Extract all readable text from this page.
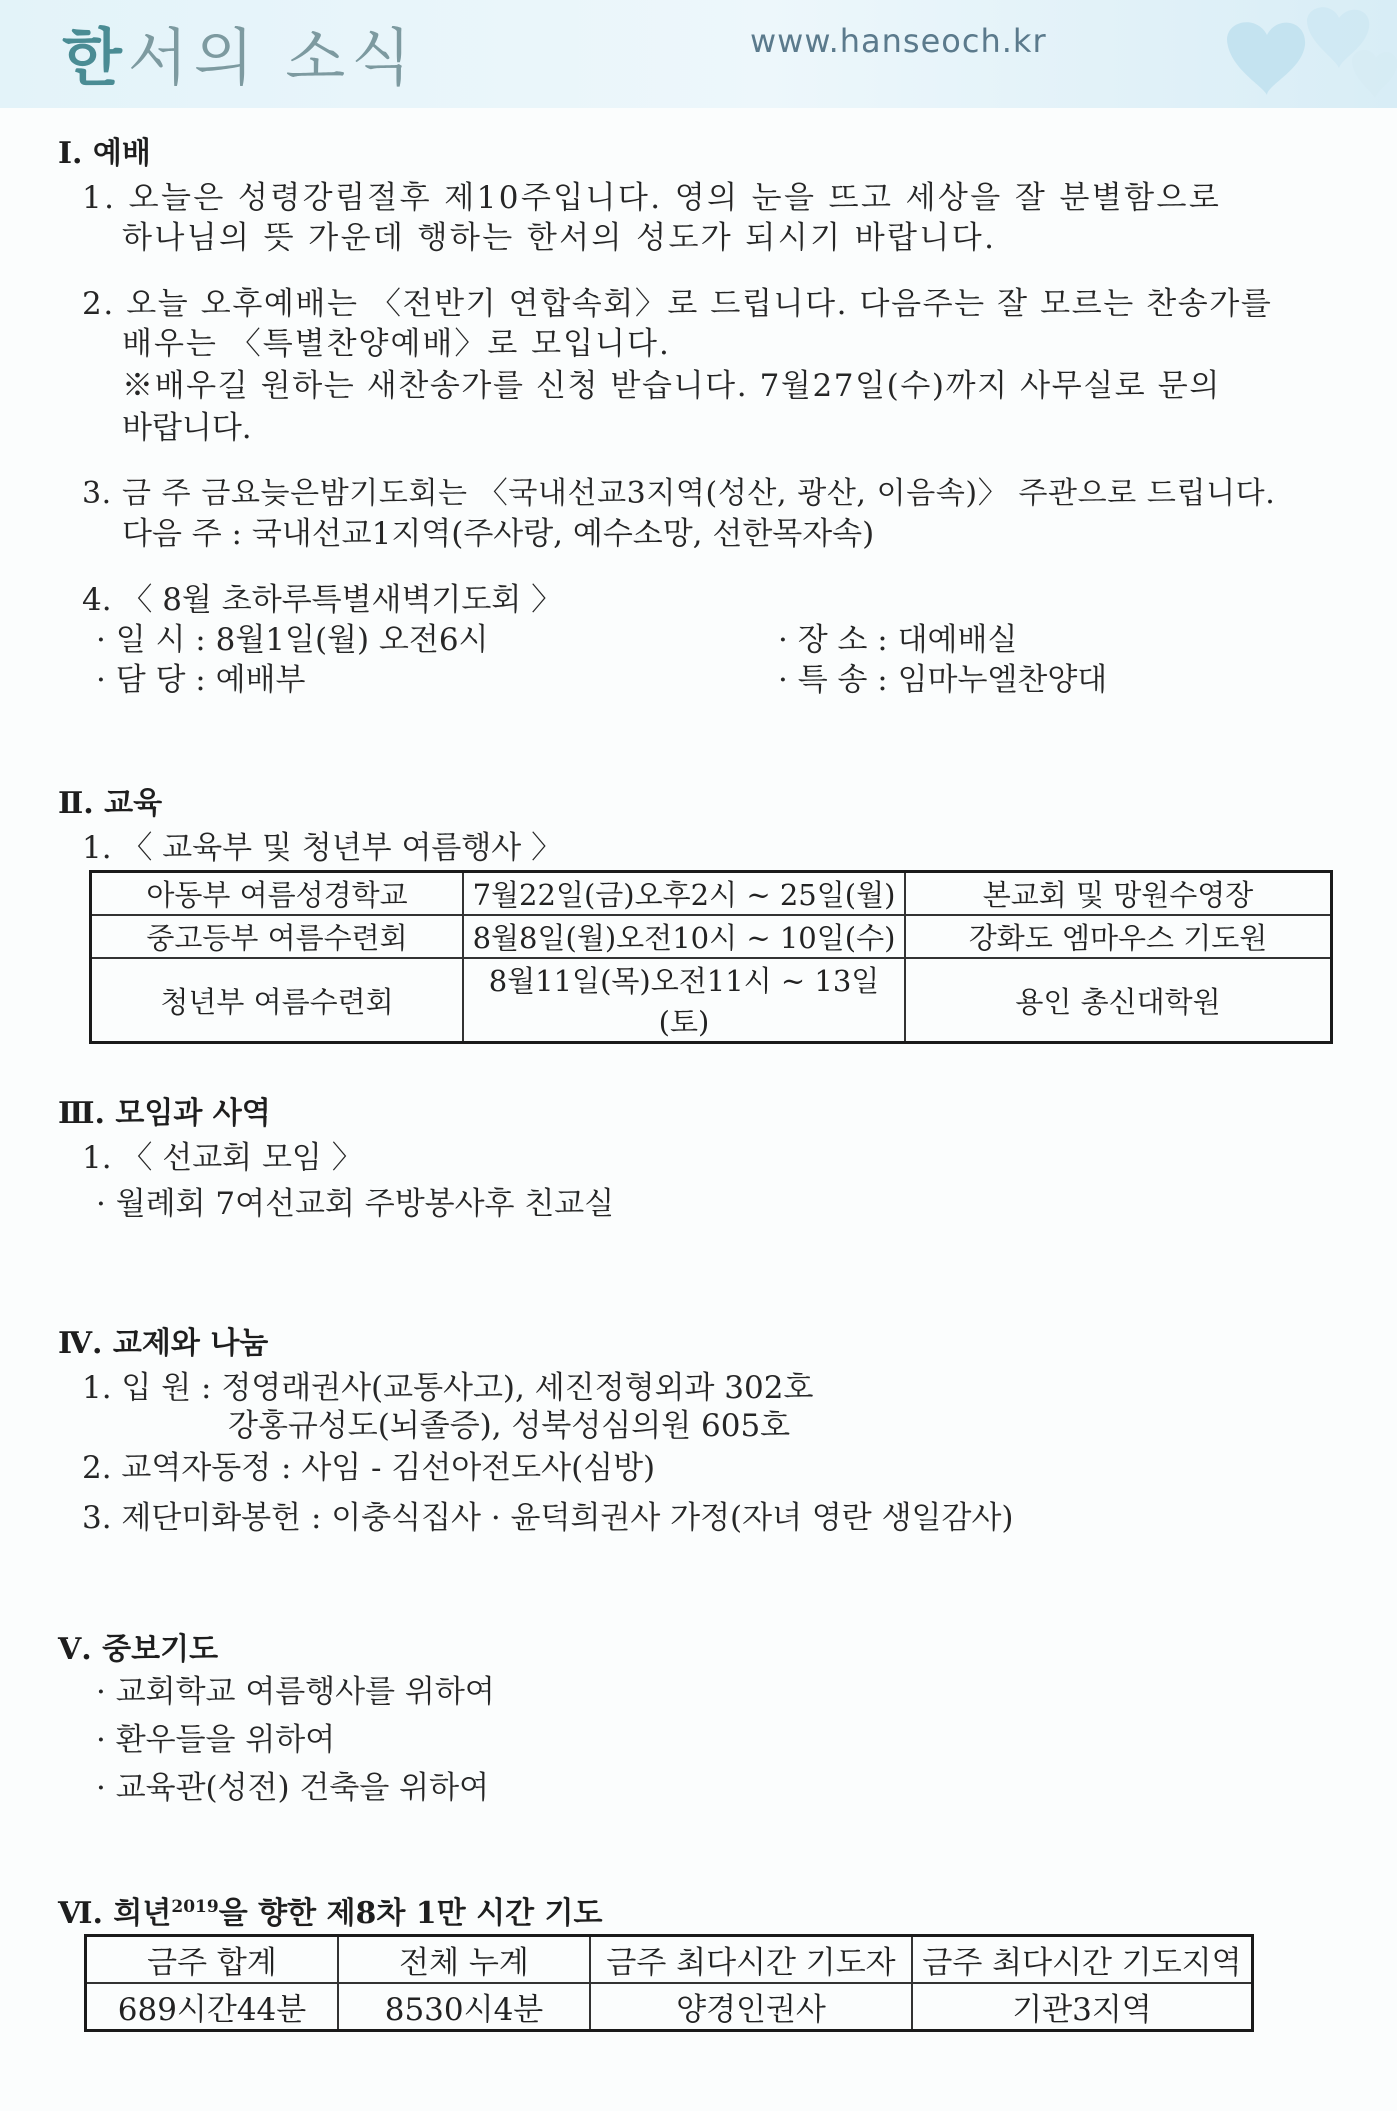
한서의 소식	www.hanseoch.kr
Ⅰ. 예배
1. 오늘은 성령강림절후 제10주입니다. 영의 눈을 뜨고 세상을 잘 분별함으로
하나님의 뜻 가운데 행하는 한서의 성도가 되시기 바랍니다.
2. 오늘 오후예배는 〈전반기 연합속회〉로 드립니다. 다음주는 잘 모르는 찬송가를
배우는 〈특별찬양예배〉로 모입니다.
※배우길 원하는 새찬송가를 신청 받습니다. 7월27일(수)까지 사무실로 문의
바랍니다.
3. 금 주 금요늦은밤기도회는 〈국내선교3지역(성산, 광산, 이음속)〉 주관으로 드립니다.
다음 주 : 국내선교1지역(주사랑, 예수소망, 선한목자속)
4. 〈 8월 초하루특별새벽기도회 〉
· 일 시 : 8월1일(월) 오전6시	· 장 소 : 대예배실
· 담 당 : 예배부	· 특 송 : 임마누엘찬양대
Ⅱ. 교육
1. 〈 교육부 및 청년부 여름행사 〉
아동부 여름성경학교	7월22일(금)오후2시 ~ 25일(월)	본교회 및 망원수영장
중고등부 여름수련회	8월8일(월)오전10시 ~ 10일(수)	강화도 엠마우스 기도원
청년부 여름수련회	8월11일(목)오전11시 ~ 13일(토)	용인 총신대학원
Ⅲ. 모임과 사역
1. 〈 선교회 모임 〉
· 월례회 7여선교회 주방봉사후 친교실
Ⅳ. 교제와 나눔
1. 입 원 : 정영래권사(교통사고), 세진정형외과 302호
강홍규성도(뇌졸증), 성북성심의원 605호
2. 교역자동정 : 사임 - 김선아전도사(심방)
3. 제단미화봉헌 : 이충식집사 · 윤덕희권사 가정(자녀 영란 생일감사)
Ⅴ. 중보기도
· 교회학교 여름행사를 위하여
· 환우들을 위하여
· 교육관(성전) 건축을 위하여
Ⅵ. 희년$^{2019}$을 향한 제8차 1만 시간 기도
금주 합계	전체 누계	금주 최다시간 기도자	금주 최다시간 기도지역
689시간44분	8530시4분	양경인권사	기관3지역
